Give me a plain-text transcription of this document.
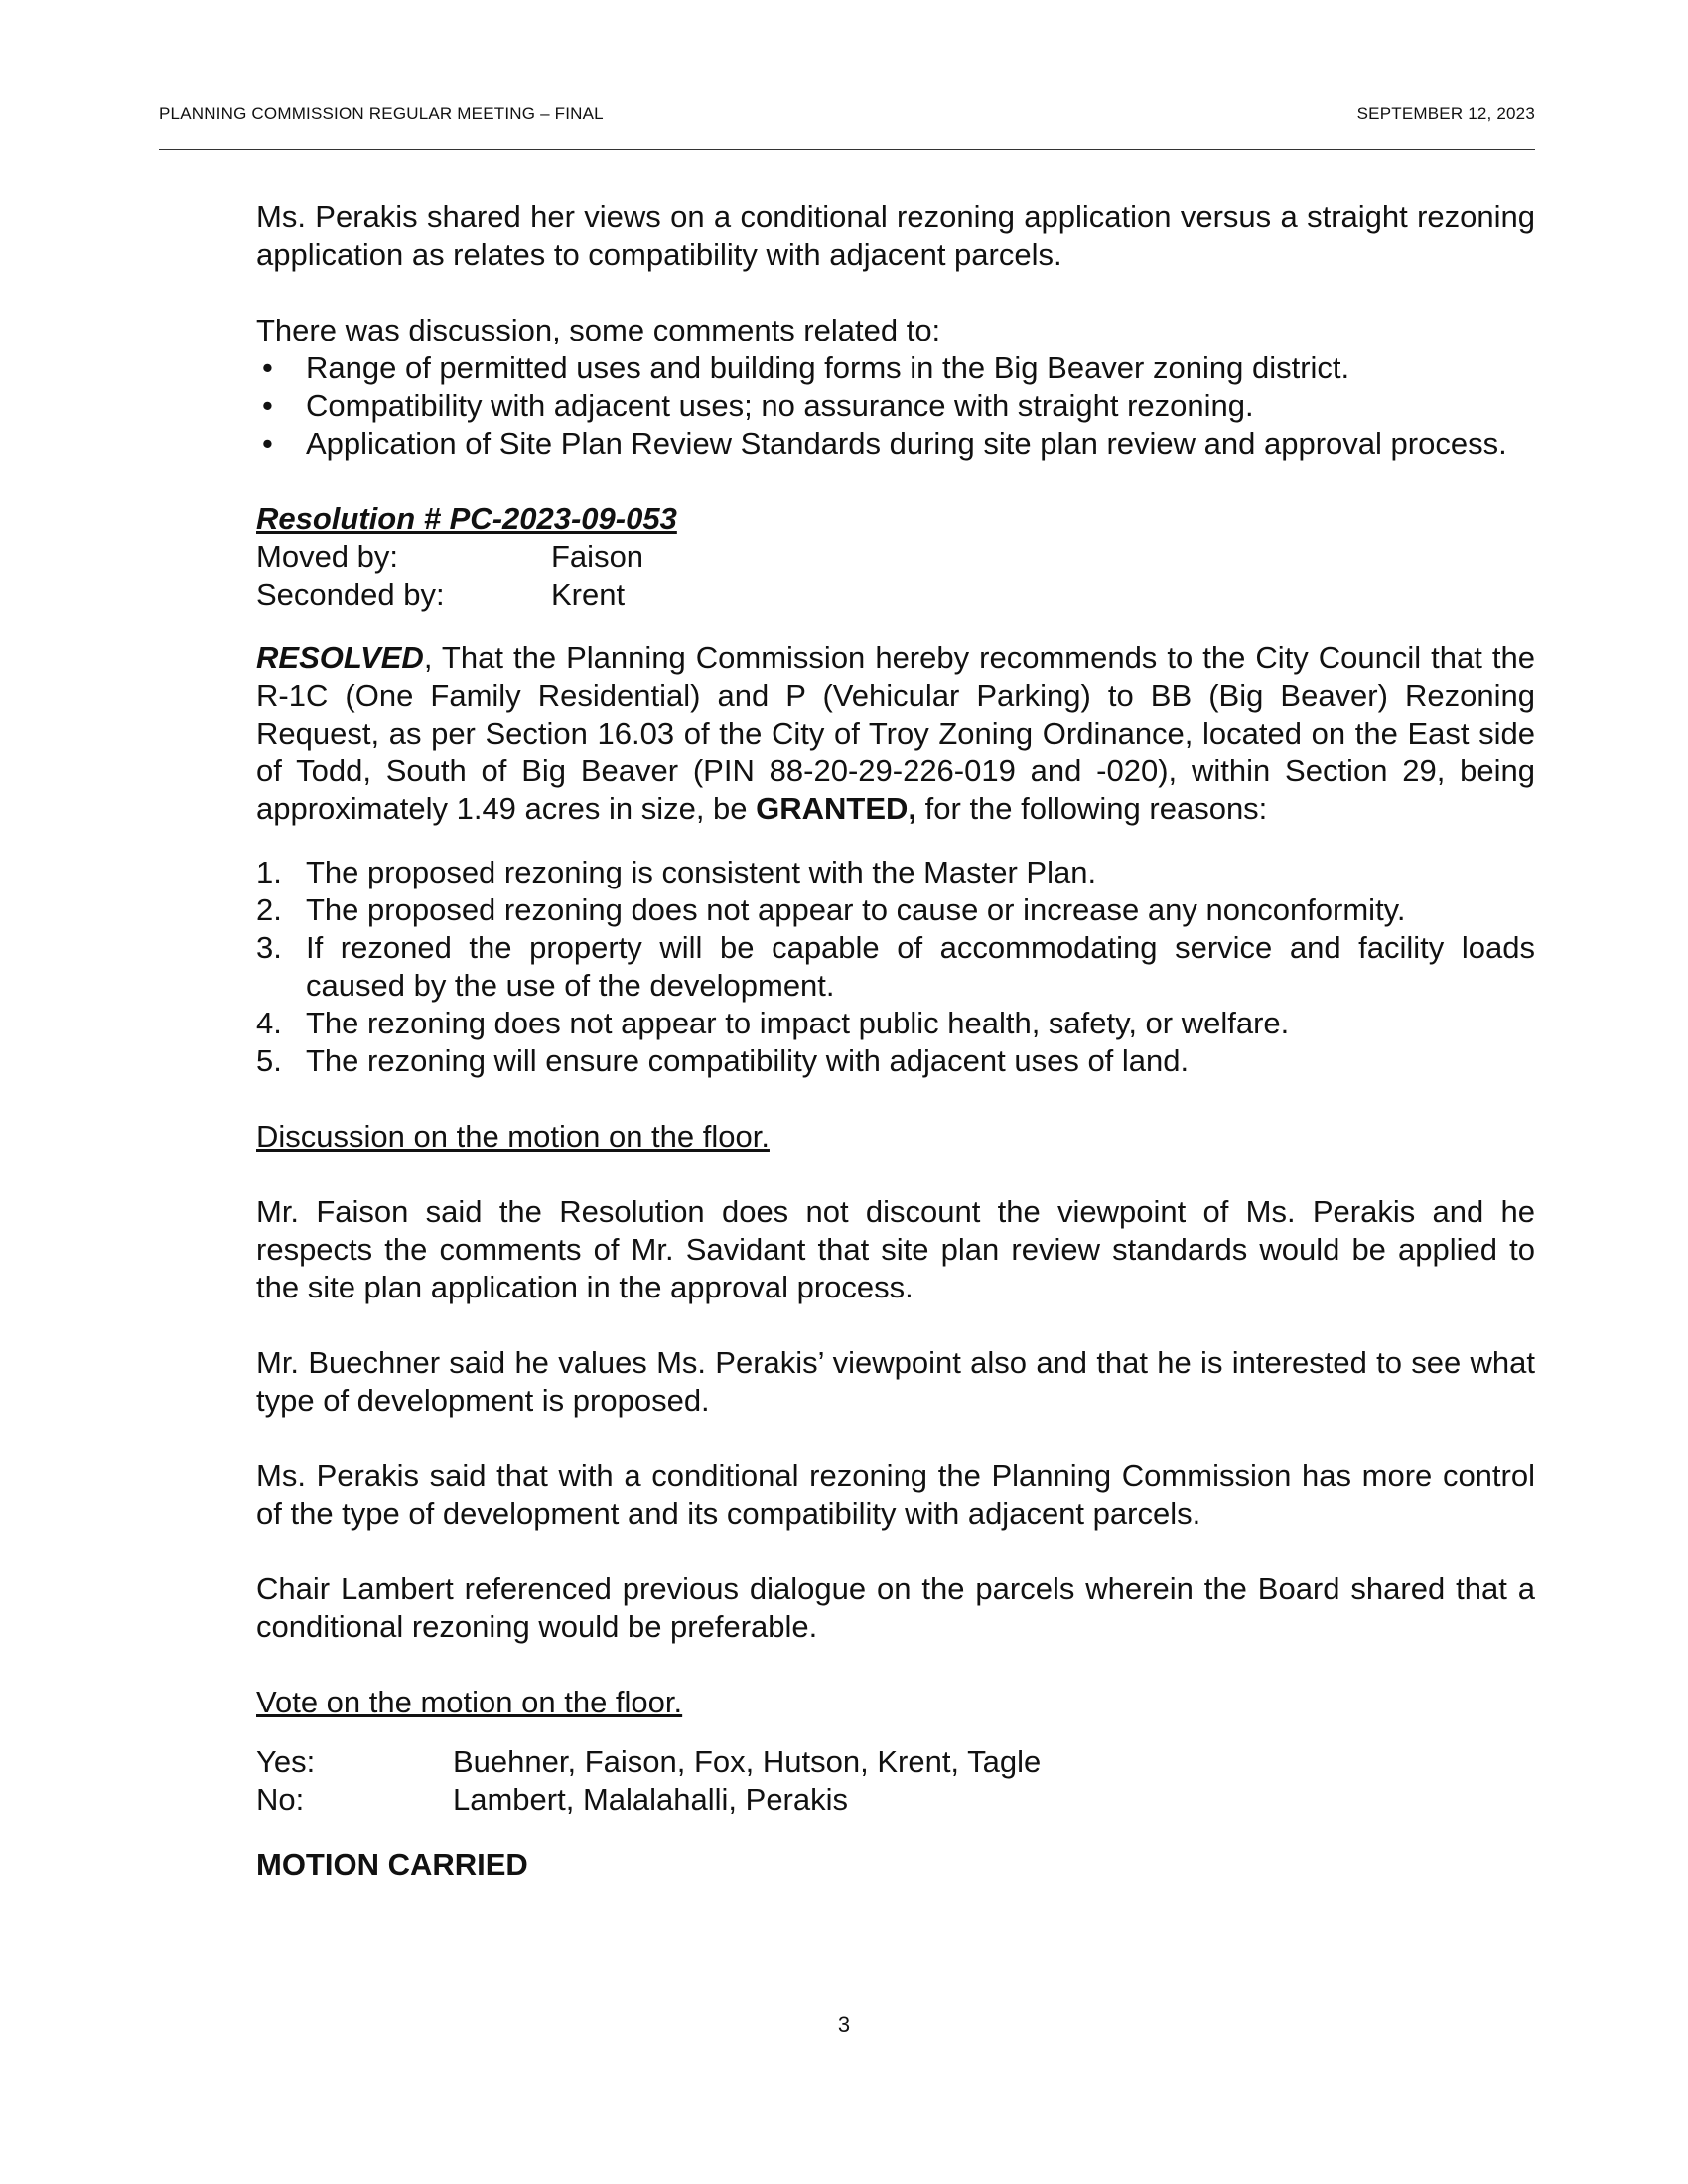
PLANNING COMMISSION REGULAR MEETING – FINAL	SEPTEMBER 12, 2023

Ms. Perakis shared her views on a conditional rezoning application versus a straight rezoning application as relates to compatibility with adjacent parcels.

There was discussion, some comments related to:

• Range of permitted uses and building forms in the Big Beaver zoning district.
• Compatibility with adjacent uses; no assurance with straight rezoning.
• Application of Site Plan Review Standards during site plan review and approval process.
Resolution # PC-2023-09-053
Moved by:	Faison
Seconded by:	Krent

RESOLVED, That the Planning Commission hereby recommends to the City Council that the R-1C (One Family Residential) and P (Vehicular Parking) to BB (Big Beaver) Rezoning Request, as per Section 16.03 of the City of Troy Zoning Ordinance, located on the East side of Todd, South of Big Beaver (PIN 88-20-29-226-019 and -020), within Section 29, being approximately 1.49 acres in size, be GRANTED, for the following reasons:

1. The proposed rezoning is consistent with the Master Plan.
2. The proposed rezoning does not appear to cause or increase any nonconformity.
3. If rezoned the property will be capable of accommodating service and facility loads caused by the use of the development.
4. The rezoning does not appear to impact public health, safety, or welfare.
5. The rezoning will ensure compatibility with adjacent uses of land.

Discussion on the motion on the floor.

Mr. Faison said the Resolution does not discount the viewpoint of Ms. Perakis and he respects the comments of Mr. Savidant that site plan review standards would be applied to the site plan application in the approval process.

Mr. Buechner said he values Ms. Perakis’ viewpoint also and that he is interested to see what type of development is proposed.

Ms. Perakis said that with a conditional rezoning the Planning Commission has more control of the type of development and its compatibility with adjacent parcels.

Chair Lambert referenced previous dialogue on the parcels wherein the Board shared that a conditional rezoning would be preferable.

Vote on the motion on the floor.

Yes:	Buehner, Faison, Fox, Hutson, Krent, Tagle
No:	Lambert, Malalahalli, Perakis
MOTION CARRIED
3
